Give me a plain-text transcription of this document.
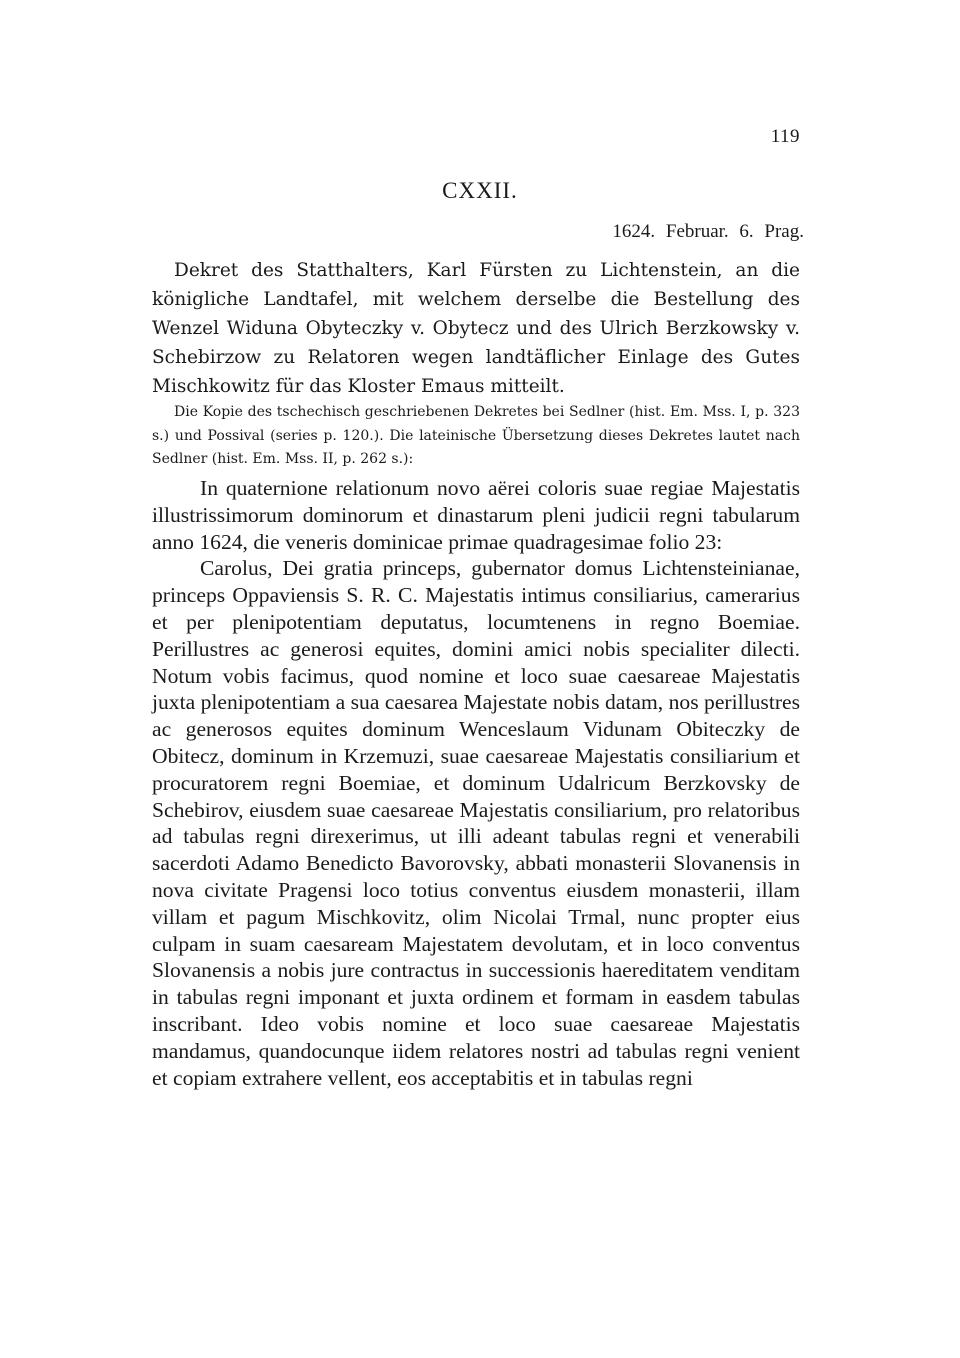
119
CXXII.
1624. Februar. 6. Prag.
Dekret des Statthalters, Karl Fürsten zu Lichtenstein, an die königliche Landtafel, mit welchem derselbe die Bestellung des Wenzel Widuna Obyteczky v. Obytecz und des Ulrich Berzkowsky v. Schebirzow zu Relatoren wegen landtäflicher Einlage des Gutes Mischkowitz für das Kloster Emaus mitteilt.
Die Kopie des tschechisch geschriebenen Dekretes bei Sedlner (hist. Em. Mss. I, p. 323 s.) und Possival (series p. 120.). Die lateinische Übersetzung dieses Dekretes lautet nach Sedlner (hist. Em. Mss. II, p. 262 s.):

In quaternione relationum novo aërei coloris suae regiae Majestatis illustrissimorum dominorum et dinastarum pleni judicii regni tabularum anno 1624, die veneris dominicae primae quadragesimae folio 23:

Carolus, Dei gratia princeps, gubernator domus Lichtensteinianae, princeps Oppaviensis S. R. C. Majestatis intimus consiliarius, camerarius et per plenipotentiam deputatus, locumtenens in regno Boemiae. Perillustres ac generosi equites, domini amici nobis specialiter dilecti. Notum vobis facimus, quod nomine et loco suae caesareae Majestatis juxta plenipotentiam a sua caesarea Majestate nobis datam, nos perillustres ac generosos equites dominum Wenceslaum Vidunam Obiteczky de Obitecz, dominum in Krzemuzi, suae caesareae Majestatis consiliarium et procuratorem regni Boemiae, et dominum Udalricum Berzkovsky de Schebirov, eiusdem suae caesareae Majestatis consiliarium, pro relatoribus ad tabulas regni direxerimus, ut illi adeant tabulas regni et venerabili sacerdoti Adamo Benedicto Bavorovsky, abbati monasterii Slovanensis in nova civitate Pragensi loco totius conventus eiusdem monasterii, illam villam et pagum Mischkovitz, olim Nicolai Trmal, nunc propter eius culpam in suam caesaream Majestatem devolutam, et in loco conventus Slovanensis a nobis jure contractus in successionis haereditatem venditam in tabulas regni imponant et juxta ordinem et formam in easdem tabulas inscribant. Ideo vobis nomine et loco suae caesareae Majestatis mandamus, quandocunque iidem relatores nostri ad tabulas regni venient et copiam extrahere vellent, eos acceptabitis et in tabulas regni
